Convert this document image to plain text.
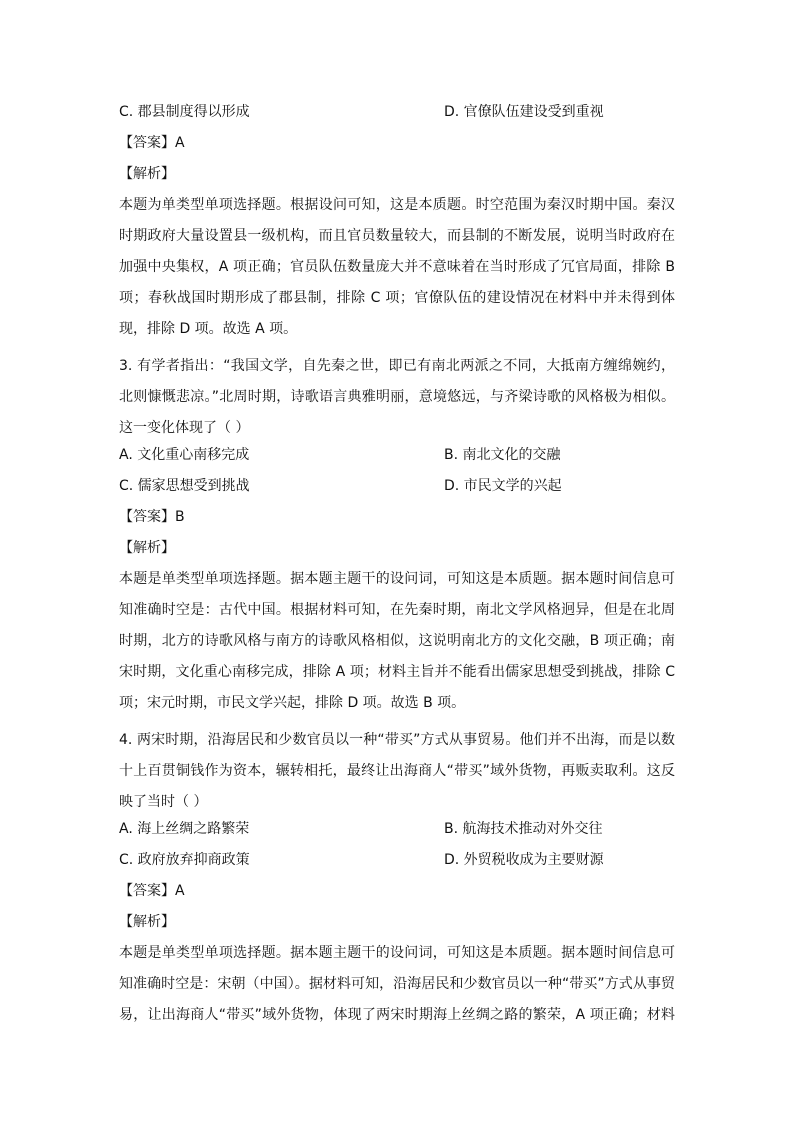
C. 郡县制度得以形成	D. 官僚队伍建设受到重视
【答案】A
【解析】
本题为单类型单项选择题。根据设问可知，这是本质题。时空范围为秦汉时期中国。秦汉
时期政府大量设置县一级机构，而且官员数量较大，而县制的不断发展，说明当时政府在
加强中央集权，A 项正确；官员队伍数量庞大并不意味着在当时形成了冗官局面，排除 B
项；春秋战国时期形成了郡县制，排除 C 项；官僚队伍的建设情况在材料中并未得到体
现，排除 D 项。故选 A 项。
3. 有学者指出：“我国文学，自先秦之世，即已有南北两派之不同，大抵南方缠绵婉约，
北则慷慨悲凉。”北周时期，诗歌语言典雅明丽，意境悠远，与齐梁诗歌的风格极为相似。
这一变化体现了（ ）
A. 文化重心南移完成	B. 南北文化的交融
C. 儒家思想受到挑战	D. 市民文学的兴起
【答案】B
【解析】
本题是单类型单项选择题。据本题主题干的设问词，可知这是本质题。据本题时间信息可
知准确时空是：古代中国。根据材料可知，在先秦时期，南北文学风格迥异，但是在北周
时期，北方的诗歌风格与南方的诗歌风格相似，这说明南北方的文化交融，B 项正确；南
宋时期，文化重心南移完成，排除 A 项；材料主旨并不能看出儒家思想受到挑战，排除 C
项；宋元时期，市民文学兴起，排除 D 项。故选 B 项。
4. 两宋时期，沿海居民和少数官员以一种“带买”方式从事贸易。他们并不出海，而是以数
十上百贯铜钱作为资本，辗转相托，最终让出海商人“带买”域外货物，再贩卖取利。这反
映了当时（ ）
A. 海上丝绸之路繁荣	B. 航海技术推动对外交往
C. 政府放弃抑商政策	D. 外贸税收成为主要财源
【答案】A
【解析】
本题是单类型单项选择题。据本题主题干的设问词，可知这是本质题。据本题时间信息可
知准确时空是：宋朝（中国）。据材料可知，沿海居民和少数官员以一种“带买”方式从事贸
易，让出海商人“带买”域外货物，体现了两宋时期海上丝绸之路的繁荣，A 项正确；材料
